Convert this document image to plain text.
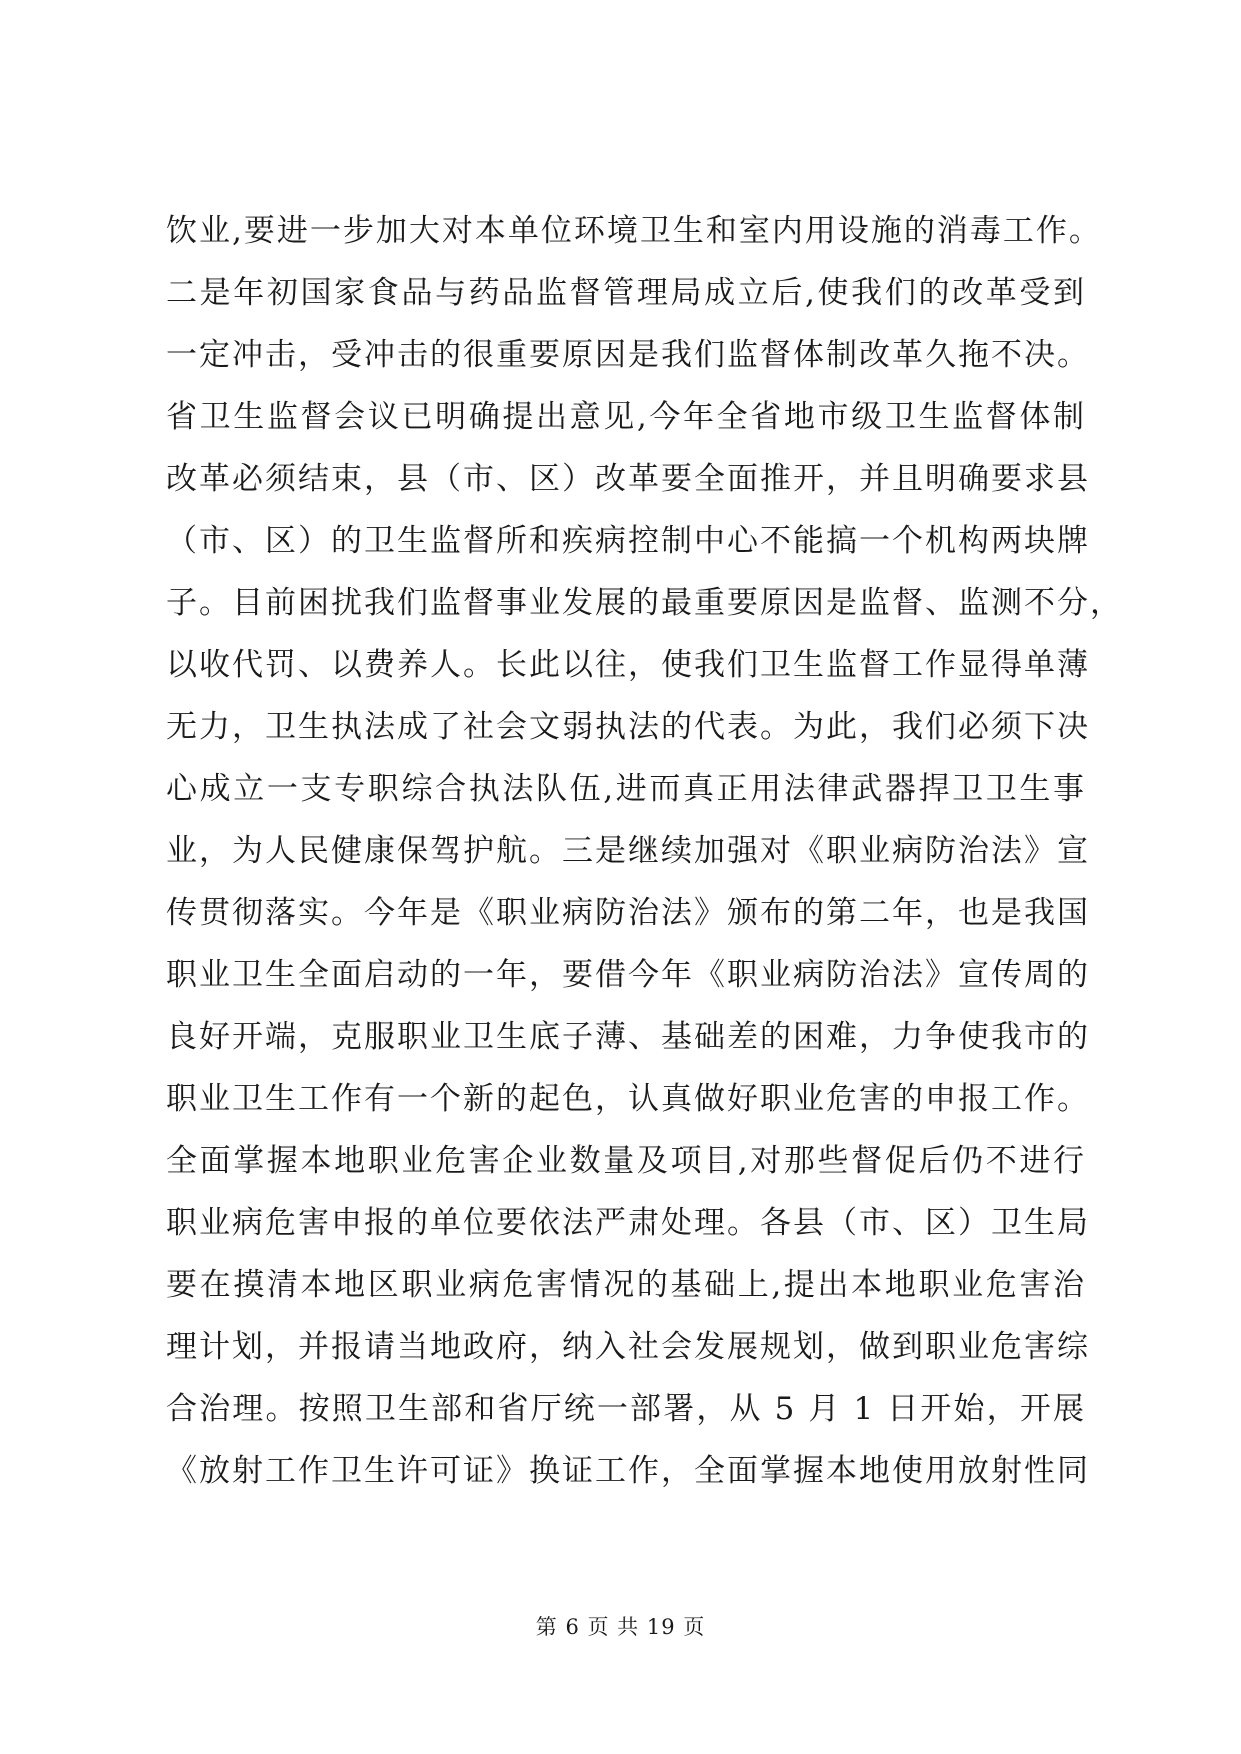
饮业,要进一步加大对本单位环境卫生和室内用设施的消毒工作。
二是年初国家食品与药品监督管理局成立后,使我们的改革受到
一定冲击，受冲击的很重要原因是我们监督体制改革久拖不决。
省卫生监督会议已明确提出意见,今年全省地市级卫生监督体制
改革必须结束，县（市、区）改革要全面推开，并且明确要求县
（市、区）的卫生监督所和疾病控制中心不能搞一个机构两块牌
子。目前困扰我们监督事业发展的最重要原因是监督、监测不分，
以收代罚、以费养人。长此以往，使我们卫生监督工作显得单薄
无力，卫生执法成了社会文弱执法的代表。为此，我们必须下决
心成立一支专职综合执法队伍,进而真正用法律武器捍卫卫生事
业，为人民健康保驾护航。三是继续加强对《职业病防治法》宣
传贯彻落实。今年是《职业病防治法》颁布的第二年，也是我国
职业卫生全面启动的一年，要借今年《职业病防治法》宣传周的
良好开端，克服职业卫生底子薄、基础差的困难，力争使我市的
职业卫生工作有一个新的起色，认真做好职业危害的申报工作。
全面掌握本地职业危害企业数量及项目,对那些督促后仍不进行
职业病危害申报的单位要依法严肃处理。各县（市、区）卫生局
要在摸清本地区职业病危害情况的基础上,提出本地职业危害治
理计划，并报请当地政府，纳入社会发展规划，做到职业危害综
合治理。按照卫生部和省厅统一部署，从 5 月 1 日开始，开展
《放射工作卫生许可证》换证工作，全面掌握本地使用放射性同
第 6 页 共 19 页
